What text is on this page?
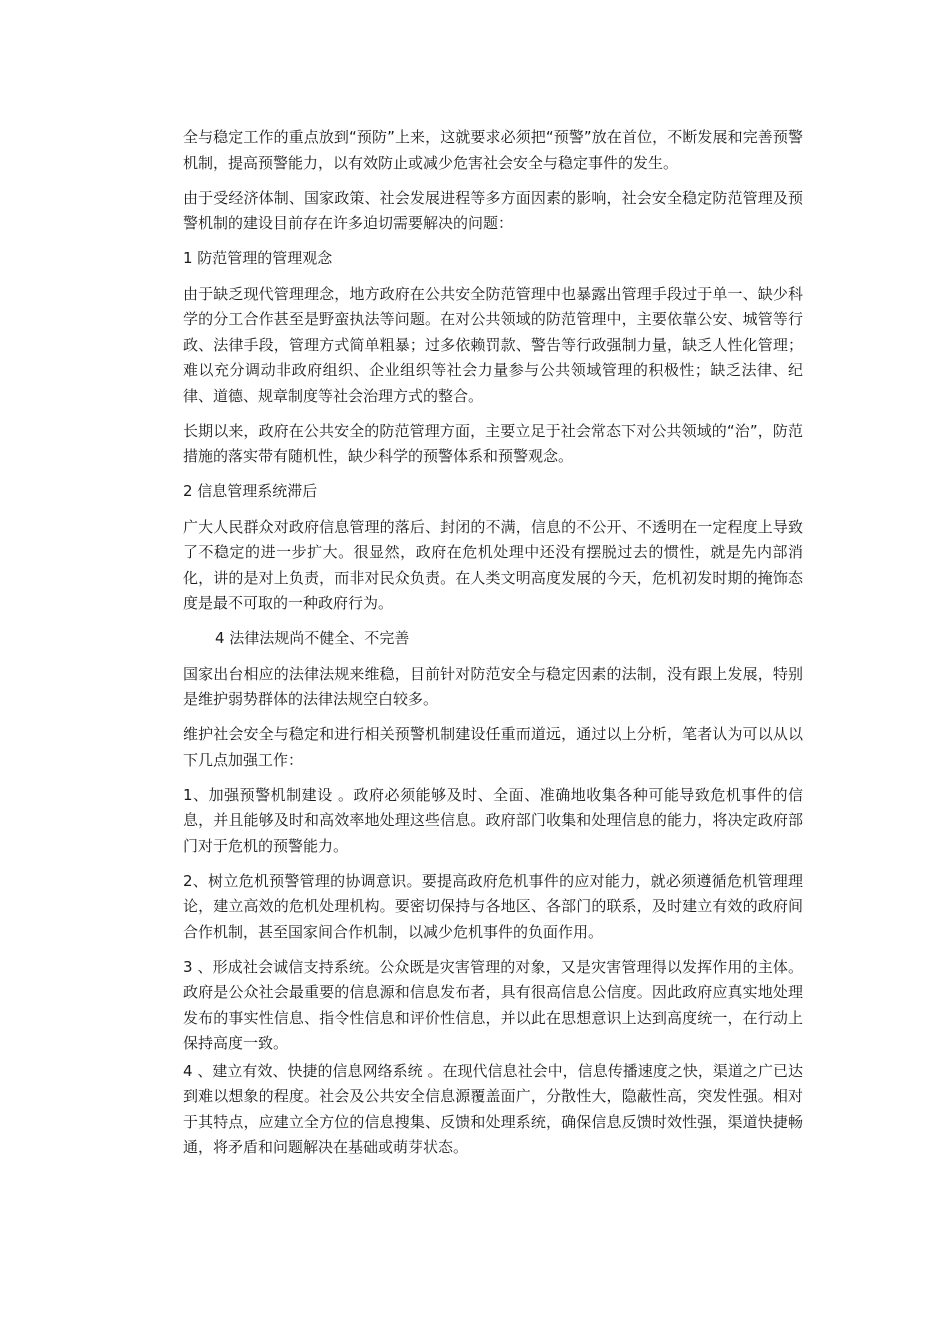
全与稳定工作的重点放到“预防”上来，这就要求必须把“预警”放在首位，不断发展和完善预警机制，提高预警能力，以有效防止或减少危害社会安全与稳定事件的发生。

由于受经济体制、国家政策、社会发展进程等多方面因素的影响，社会安全稳定防范管理及预警机制的建设目前存在许多迫切需要解决的问题：

1 防范管理的管理观念

由于缺乏现代管理理念，地方政府在公共安全防范管理中也暴露出管理手段过于单一、缺少科学的分工合作甚至是野蛮执法等问题。在对公共领域的防范管理中，主要依靠公安、城管等行政、法律手段，管理方式简单粗暴；过多依赖罚款、警告等行政强制力量，缺乏人性化管理；难以充分调动非政府组织、企业组织等社会力量参与公共领域管理的积极性；缺乏法律、纪律、道德、规章制度等社会治理方式的整合。

长期以来，政府在公共安全的防范管理方面，主要立足于社会常态下对公共领域的“治”，防范措施的落实带有随机性，缺少科学的预警体系和预警观念。

2 信息管理系统滞后

广大人民群众对政府信息管理的落后、封闭的不满，信息的不公开、不透明在一定程度上导致了不稳定的进一步扩大。很显然，政府在危机处理中还没有摆脱过去的惯性，就是先内部消化，讲的是对上负责，而非对民众负责。在人类文明高度发展的今天，危机初发时期的掩饰态度是最不可取的一种政府行为。

4 法律法规尚不健全、不完善

国家出台相应的法律法规来维稳，目前针对防范安全与稳定因素的法制，没有跟上发展，特别是维护弱势群体的法律法规空白较多。

维护社会安全与稳定和进行相关预警机制建设任重而道远，通过以上分析，笔者认为可以从以下几点加强工作：

1、加强预警机制建设 。政府必须能够及时、全面、准确地收集各种可能导致危机事件的信息，并且能够及时和高效率地处理这些信息。政府部门收集和处理信息的能力，将决定政府部门对于危机的预警能力。

2、树立危机预警管理的协调意识。要提高政府危机事件的应对能力，就必须遵循危机管理理论，建立高效的危机处理机构。要密切保持与各地区、各部门的联系，及时建立有效的政府间合作机制，甚至国家间合作机制，以减少危机事件的负面作用。

3 、形成社会诚信支持系统。公众既是灾害管理的对象，又是灾害管理得以发挥作用的主体。政府是公众社会最重要的信息源和信息发布者，具有很高信息公信度。因此政府应真实地处理发布的事实性信息、指令性信息和评价性信息，并以此在思想意识上达到高度统一，在行动上保持高度一致。

4 、建立有效、快捷的信息网络系统 。在现代信息社会中，信息传播速度之快，渠道之广已达到难以想象的程度。社会及公共安全信息源覆盖面广，分散性大，隐蔽性高，突发性强。相对于其特点，应建立全方位的信息搜集、反馈和处理系统，确保信息反馈时效性强，渠道快捷畅通，将矛盾和问题解决在基础或萌芽状态。
